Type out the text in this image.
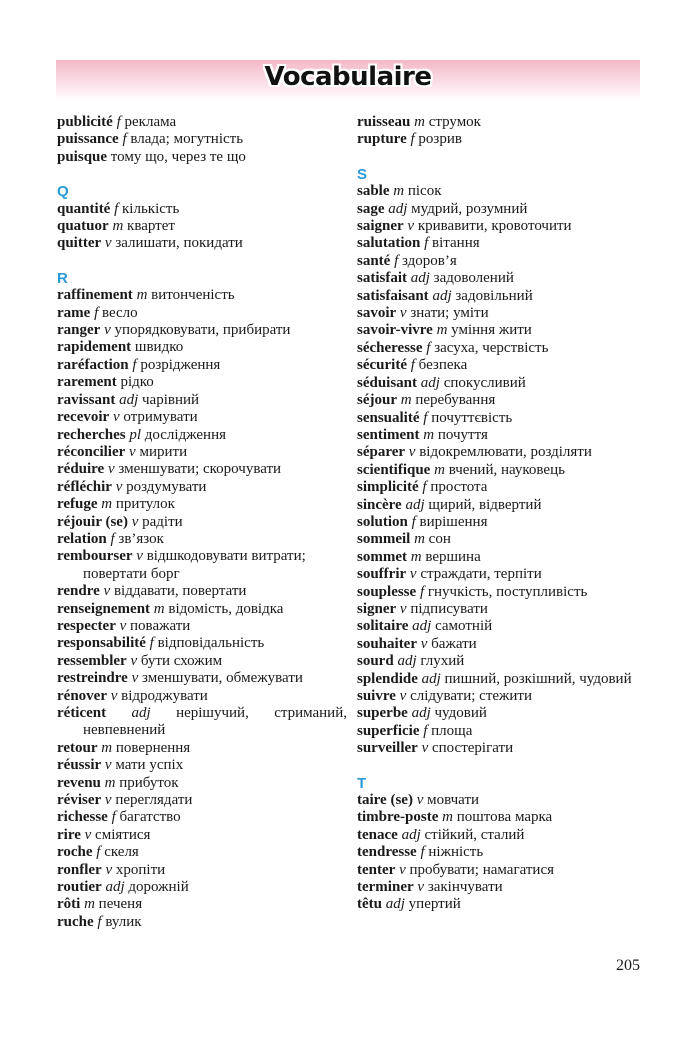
Vocabulaire
publicité f реклама
puissance f влада; могутність
puisque тому що, через те що
Q
quantité f кількість
quatuor m квартет
quitter v залишати, покидати
R
raffinement m витонченість
rame f весло
ranger v упорядковувати, прибирати
rapidement швидко
raréfaction f розрідження
rarement рідко
ravissant adj чарівний
recevoir v отримувати
recherches pl дослідження
réconcilier v мирити
réduire v зменшувати; скорочувати
réfléchir v роздумувати
refuge m притулок
réjouir (se) v радіти
relation f зв’язок
rembourser v відшкодовувати витрати; повертати борг
rendre v віддавати, повертати
renseignement m відомість, довідка
respecter v поважати
responsabilité f відповідальність
ressembler v бути схожим
restreindre v зменшувати, обмежувати
rénover v відроджувати
réticent adj нерішучий, стриманий, невпевнений
retour m повернення
réussir v мати успіх
revenu m прибуток
réviser v переглядати
richesse f багатство
rire v сміятися
roche f скеля
ronfler v хропіти
routier adj дорожній
rôti m печеня
ruche f вулик
ruisseau m струмок
rupture f розрив
S
sable m пісок
sage adj мудрий, розумний
saigner v кривавити, кровоточити
salutation f вітання
santé f здоров’я
satisfait adj задоволений
satisfaisant adj задовільний
savoir v знати; уміти
savoir-vivre m уміння жити
sécheresse f засуха, черствість
sécurité f безпека
séduisant adj спокусливий
séjour m перебування
sensualité f почуттєвість
sentiment m почуття
séparer v відокремлювати, розділяти
scientifique m вчений, науковець
simplicité f простота
sincère adj щирий, відвертий
solution f вирішення
sommeil m сон
sommet m вершина
souffrir v страждати, терпіти
souplesse f гнучкість, поступливість
signer v підписувати
solitaire adj самотній
souhaiter v бажати
sourd adj глухий
splendide adj пишний, розкішний, чудовий
suivre v слідувати; стежити
superbe adj чудовий
superficie f площа
surveiller v спостерігати
T
taire (se) v мовчати
timbre-poste m поштова марка
tenace adj стійкий, сталий
tendresse f ніжність
tenter v пробувати; намагатися
terminer v закінчувати
têtu adj упертий
205
